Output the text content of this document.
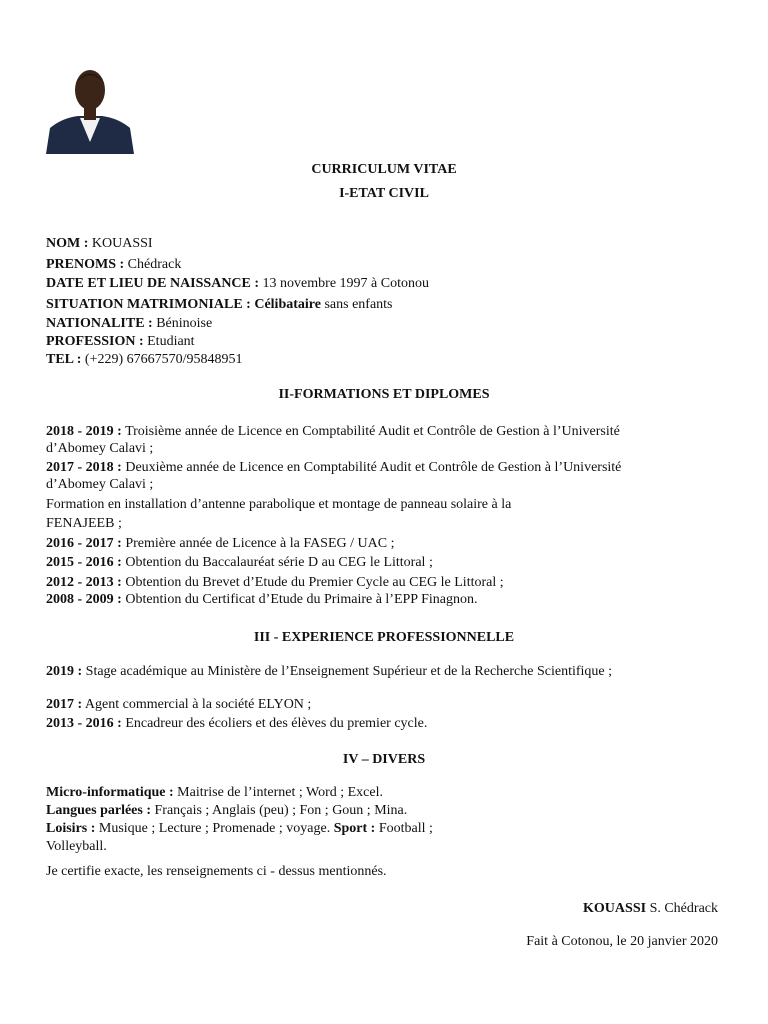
CURRICULUM VITAE
I-ETAT CIVIL
NOM : KOUASSI
PRENOMS : Chédrack
DATE ET LIEU DE NAISSANCE : 13 novembre 1997 à Cotonou
SITUATION MATRIMONIALE : Célibataire sans enfants
NATIONALITE : Béninoise
PROFESSION : Etudiant
TEL : (+229) 67667570/95848951
II-FORMATIONS ET DIPLOMES
2018 - 2019 : Troisième année de Licence en Comptabilité Audit et Contrôle de Gestion à l’Université
d’Abomey Calavi ;
2017 - 2018 : Deuxième année de Licence en Comptabilité Audit et Contrôle de Gestion à l’Université
d’Abomey Calavi ;
Formation en installation d’antenne parabolique et montage de panneau solaire à la
FENAJEEB ;
2016 - 2017 : Première année de Licence à la FASEG / UAC ;
2015 - 2016 : Obtention du Baccalauréat série D au CEG le Littoral ;
2012 - 2013 : Obtention du Brevet d’Etude du Premier Cycle au CEG le Littoral ;
2008 - 2009 : Obtention du Certificat d’Etude du Primaire à l’EPP Finagnon.
III - EXPERIENCE PROFESSIONNELLE
2019 : Stage académique au Ministère de l’Enseignement Supérieur et de la Recherche Scientifique ;
2017 : Agent commercial à la société ELYON ;
2013 - 2016 : Encadreur des écoliers et des élèves du premier cycle.
IV – DIVERS
Micro-informatique : Maitrise de l’internet ; Word ; Excel.
Langues parlées : Français ; Anglais (peu) ; Fon ; Goun ; Mina.
Loisirs : Musique ; Lecture ; Promenade ; voyage. Sport : Football ;
Volleyball.
Je certifie exacte, les renseignements ci - dessus mentionnés.
KOUASSI S. Chédrack
Fait à Cotonou, le 20 janvier 2020
